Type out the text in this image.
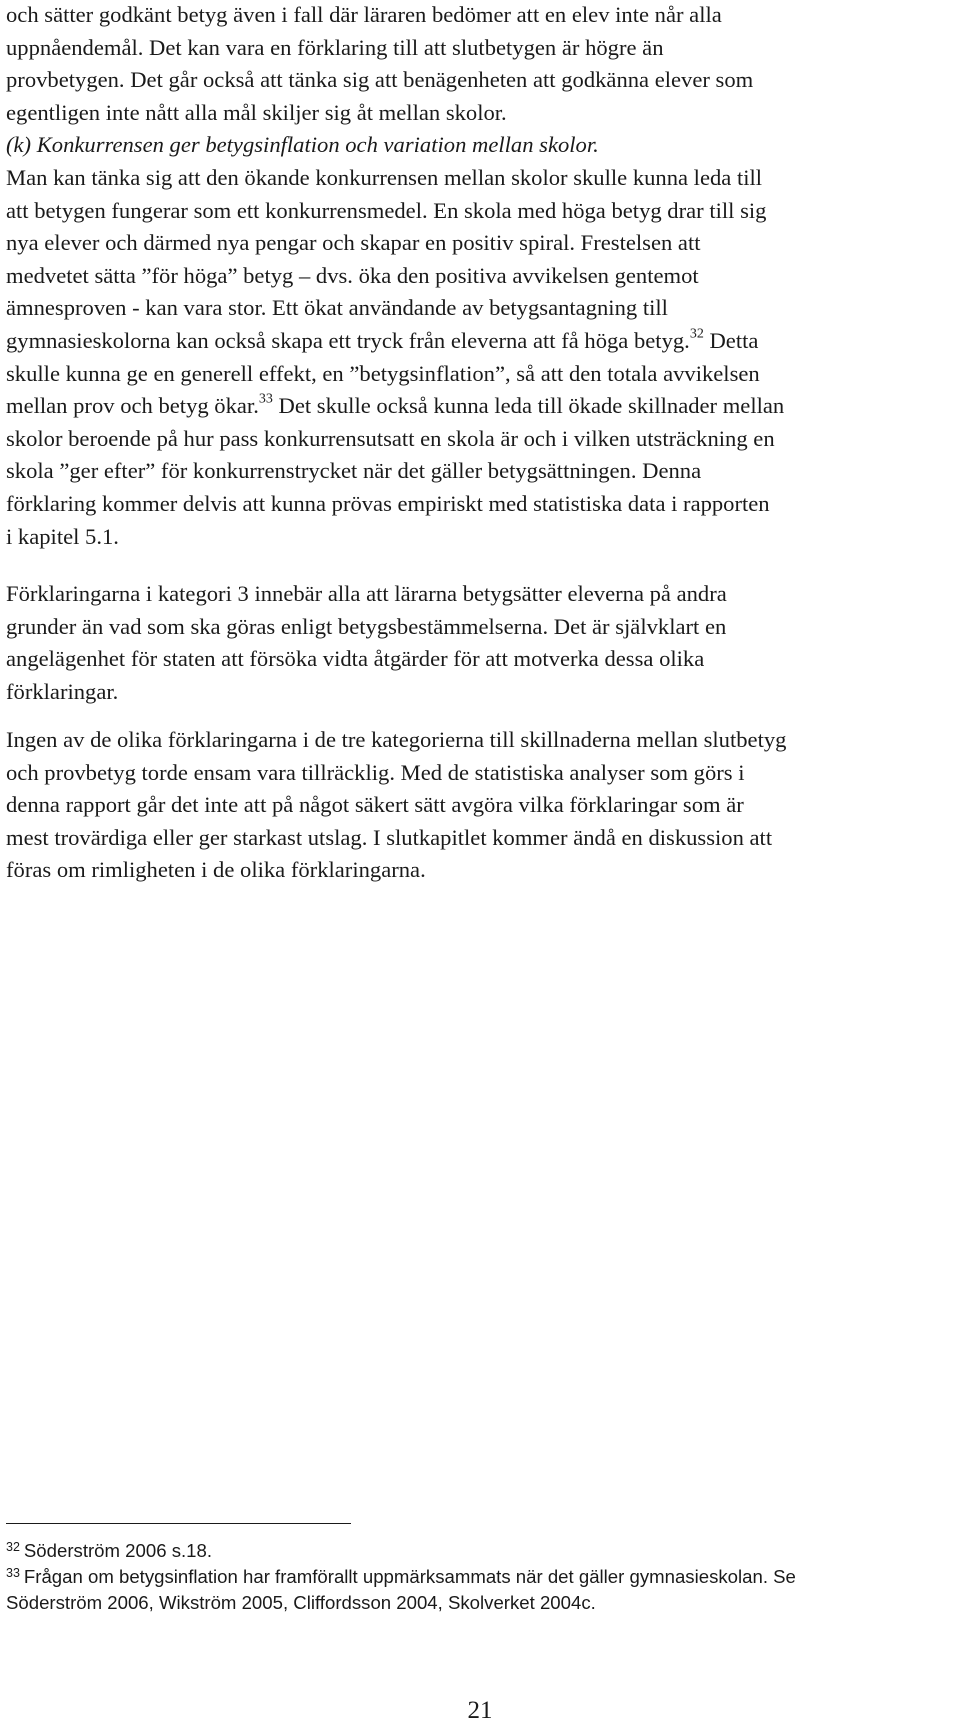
och sätter godkänt betyg även i fall där läraren bedömer att en elev inte når alla
uppnåendemål. Det kan vara en förklaring till att slutbetygen är högre än
provbetygen. Det går också att tänka sig att benägenheten att godkänna elever som
egentligen inte nått alla mål skiljer sig åt mellan skolor.
(k) Konkurrensen ger betygsinflation och variation mellan skolor.
Man kan tänka sig att den ökande konkurrensen mellan skolor skulle kunna leda till
att betygen fungerar som ett konkurrensmedel. En skola med höga betyg drar till sig
nya elever och därmed nya pengar och skapar en positiv spiral. Frestelsen att
medvetet sätta ”för höga” betyg – dvs. öka den positiva avvikelsen gentemot
ämnesproven - kan vara stor. Ett ökat användande av betygsantagning till
gymnasieskolorna kan också skapa ett tryck från eleverna att få höga betyg.$^{32}$ Detta
skulle kunna ge en generell effekt, en ”betygsinflation”, så att den totala avvikelsen
mellan prov och betyg ökar.$^{33}$ Det skulle också kunna leda till ökade skillnader mellan
skolor beroende på hur pass konkurrensutsatt en skola är och i vilken utsträckning en
skola ”ger efter” för konkurrenstrycket när det gäller betygsättningen. Denna
förklaring kommer delvis att kunna prövas empiriskt med statistiska data i rapporten
i kapitel 5.1.

Förklaringarna i kategori 3 innebär alla att lärarna betygsätter eleverna på andra
grunder än vad som ska göras enligt betygsbestämmelserna. Det är självklart en
angelägenhet för staten att försöka vidta åtgärder för att motverka dessa olika
förklaringar.

Ingen av de olika förklaringarna i de tre kategorierna till skillnaderna mellan slutbetyg
och provbetyg torde ensam vara tillräcklig. Med de statistiska analyser som görs i
denna rapport går det inte att på något säkert sätt avgöra vilka förklaringar som är
mest trovärdiga eller ger starkast utslag. I slutkapitlet kommer ändå en diskussion att
föras om rimligheten i de olika förklaringarna.

$^{32}$ Söderström 2006 s.18.
$^{33}$ Frågan om betygsinflation har framförallt uppmärksammats när det gäller gymnasieskolan. Se
Söderström 2006, Wikström 2005, Cliffordsson 2004, Skolverket 2004c.
21
